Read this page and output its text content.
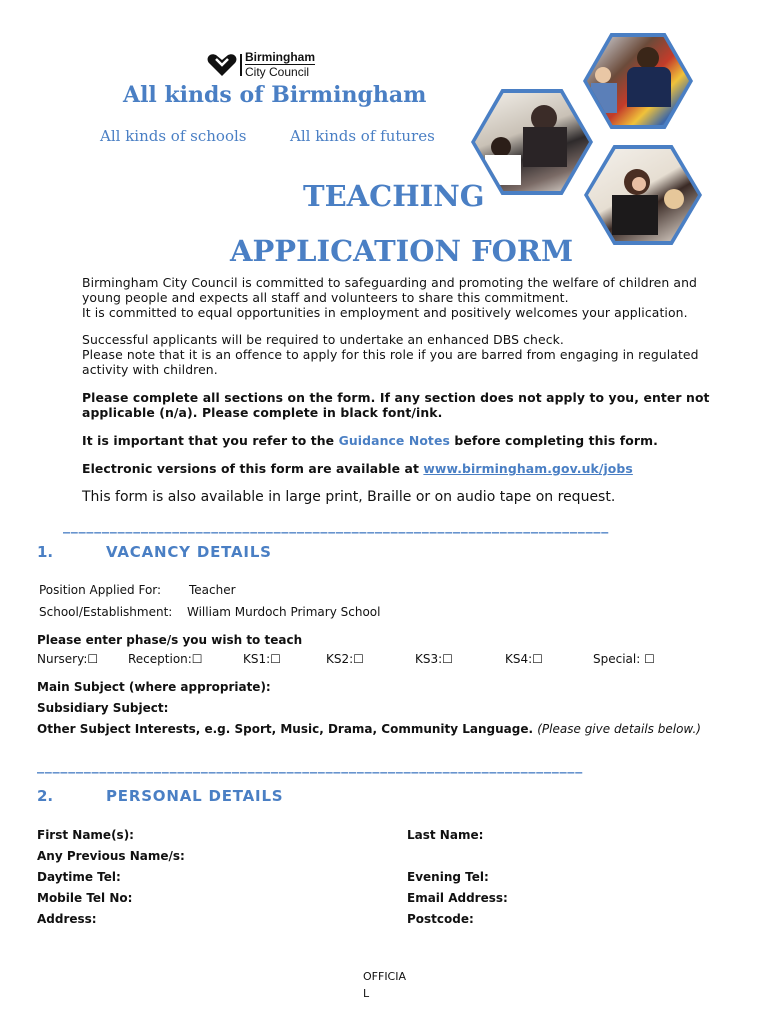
Birmingham
City Council
All kinds of Birmingham
All kinds of schools	All kinds of futures
TEACHING
APPLICATION FORM
Birmingham City Council is committed to safeguarding and promoting the welfare of children and
young people and expects all staff and volunteers to share this commitment.
It is committed to equal opportunities in employment and positively welcomes your application.
Successful applicants will be required to undertake an enhanced DBS check.
Please note that it is an offence to apply for this role if you are barred from engaging in regulated
activity with children.
Please complete all sections on the form. If any section does not apply to you, enter not
applicable (n/a). Please complete in black font/ink.
It is important that you refer to the Guidance Notes before completing this form.
Electronic versions of this form are available at www.birmingham.gov.uk/jobs
This form is also available in large print, Braille or on audio tape on request.
______________________________________________________________________
1.	VACANCY DETAILS
Position Applied For: Teacher
School/Establishment: William Murdoch Primary School
Please enter phase/s you wish to teach
Nursery:☐ Reception:☐	KS1:☐	KS2:☐	KS3:☐	KS4:☐	Special: ☐
Main Subject (where appropriate):
Subsidiary Subject:
Other Subject Interests, e.g. Sport, Music, Drama, Community Language. (Please give details below.)
______________________________________________________________________
2.	PERSONAL DETAILS
First Name(s):	Last Name:
Any Previous Name/s:
Daytime Tel:	Evening Tel:
Mobile Tel No:	Email Address:
Address:	Postcode:
OFFICIA
L
